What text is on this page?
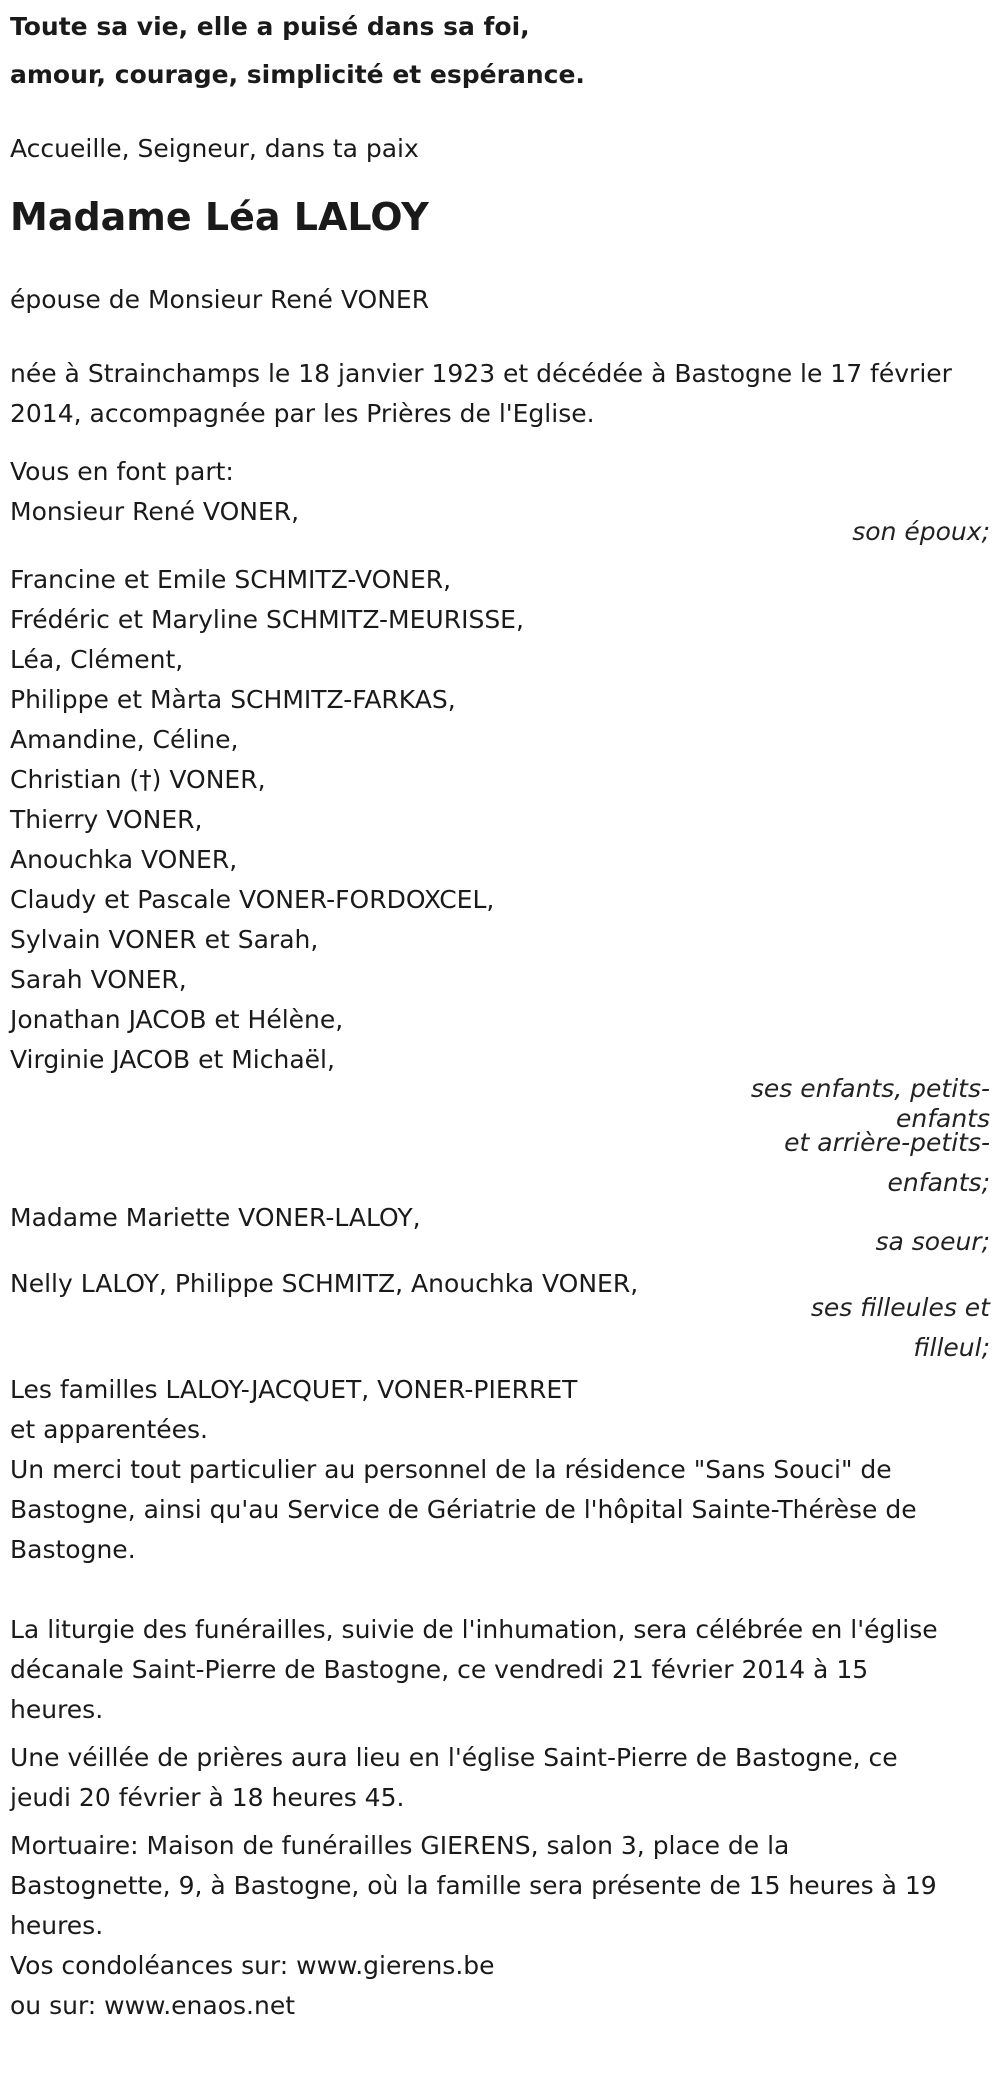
Toute sa vie, elle a puisé dans sa foi,
amour, courage, simplicité et espérance.

Accueille, Seigneur, dans ta paix
Madame Léa LALOY
épouse de Monsieur René VONER
née à Strainchamps le 18 janvier 1923 et décédée à Bastogne le 17 février
2014, accompagnée par les Prières de l'Eglise.

Vous en font part:

Monsieur René VONER,

son époux;

Francine et Emile SCHMITZ-VONER,

Frédéric et Maryline SCHMITZ-MEURISSE,

Léa, Clément,

Philippe et Màrta SCHMITZ-FARKAS,

Amandine, Céline,

Christian (†) VONER,

Thierry VONER,

Anouchka VONER,

Claudy et Pascale VONER-FORDOXCEL,

Sylvain VONER et Sarah,

Sarah VONER,

Jonathan JACOB et Hélène,

Virginie JACOB et Michaël,

ses enfants, petits-
enfants
et arrière-petits-
enfants;

Madame Mariette VONER-LALOY,

sa soeur;

Nelly LALOY, Philippe SCHMITZ, Anouchka VONER,

ses filleules et
filleul;

Les familles LALOY-JACQUET, VONER-PIERRET

et apparentées.

Un merci tout particulier au personnel de la résidence "Sans Souci" de

Bastogne, ainsi qu'au Service de Gériatrie de l'hôpital Sainte-Thérèse de

Bastogne.

La liturgie des funérailles, suivie de l'inhumation, sera célébrée en l'église

décanale Saint-Pierre de Bastogne, ce vendredi 21 février 2014 à 15

heures.

Une véillée de prières aura lieu en l'église Saint-Pierre de Bastogne, ce

jeudi 20 février à 18 heures 45.

Mortuaire: Maison de funérailles GIERENS, salon 3, place de la

Bastognette, 9, à Bastogne, où la famille sera présente de 15 heures à 19

heures.

Vos condoléances sur: www.gierens.be

ou sur: www.enaos.net
